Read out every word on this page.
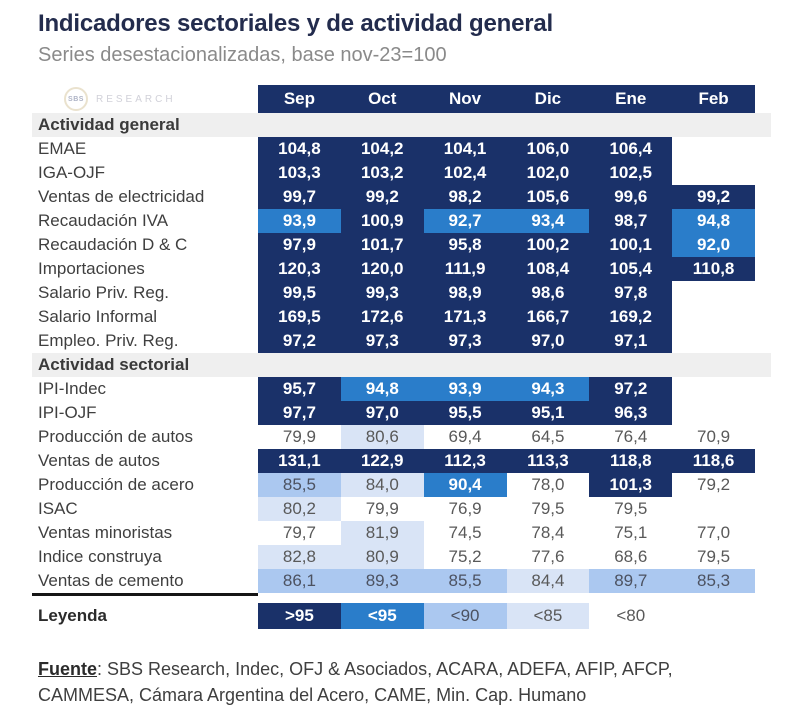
Indicadores sectoriales y de actividad general
Series desestacionalizadas, base nov-23=100
SBS	RESEARCH	Sep	Oct	Nov	Dic	Ene	Feb
Actividad general
EMAE	104,8	104,2	104,1	106,0	106,4
IGA-OJF	103,3	103,2	102,4	102,0	102,5
Ventas de electricidad	99,7	99,2	98,2	105,6	99,6	99,2
Recaudación IVA	93,9	100,9	92,7	93,4	98,7	94,8
Recaudación D & C	97,9	101,7	95,8	100,2	100,1	92,0
Importaciones	120,3	120,0	111,9	108,4	105,4	110,8
Salario Priv. Reg.	99,5	99,3	98,9	98,6	97,8
Salario Informal	169,5	172,6	171,3	166,7	169,2
Empleo. Priv. Reg.	97,2	97,3	97,3	97,0	97,1
Actividad sectorial
IPI-Indec	95,7	94,8	93,9	94,3	97,2
IPI-OJF	97,7	97,0	95,5	95,1	96,3
Producción de autos	79,9	80,6	69,4	64,5	76,4	70,9
Ventas de autos	131,1	122,9	112,3	113,3	118,8	118,6
Producción de acero	85,5	84,0	90,4	78,0	101,3	79,2
ISAC	80,2	79,9	76,9	79,5	79,5
Ventas minoristas	79,7	81,9	74,5	78,4	75,1	77,0
Indice construya	82,8	80,9	75,2	77,6	68,6	79,5
Ventas de cemento	86,1	89,3	85,5	84,4	89,7	85,3
Leyenda	>95	<95	<90	<85	<80

Fuente: SBS Research, Indec, OFJ & Asociados, ACARA, ADEFA, AFIP, AFCP, CAMMESA, Cámara Argentina del Acero, CAME, Min. Cap. Humano
